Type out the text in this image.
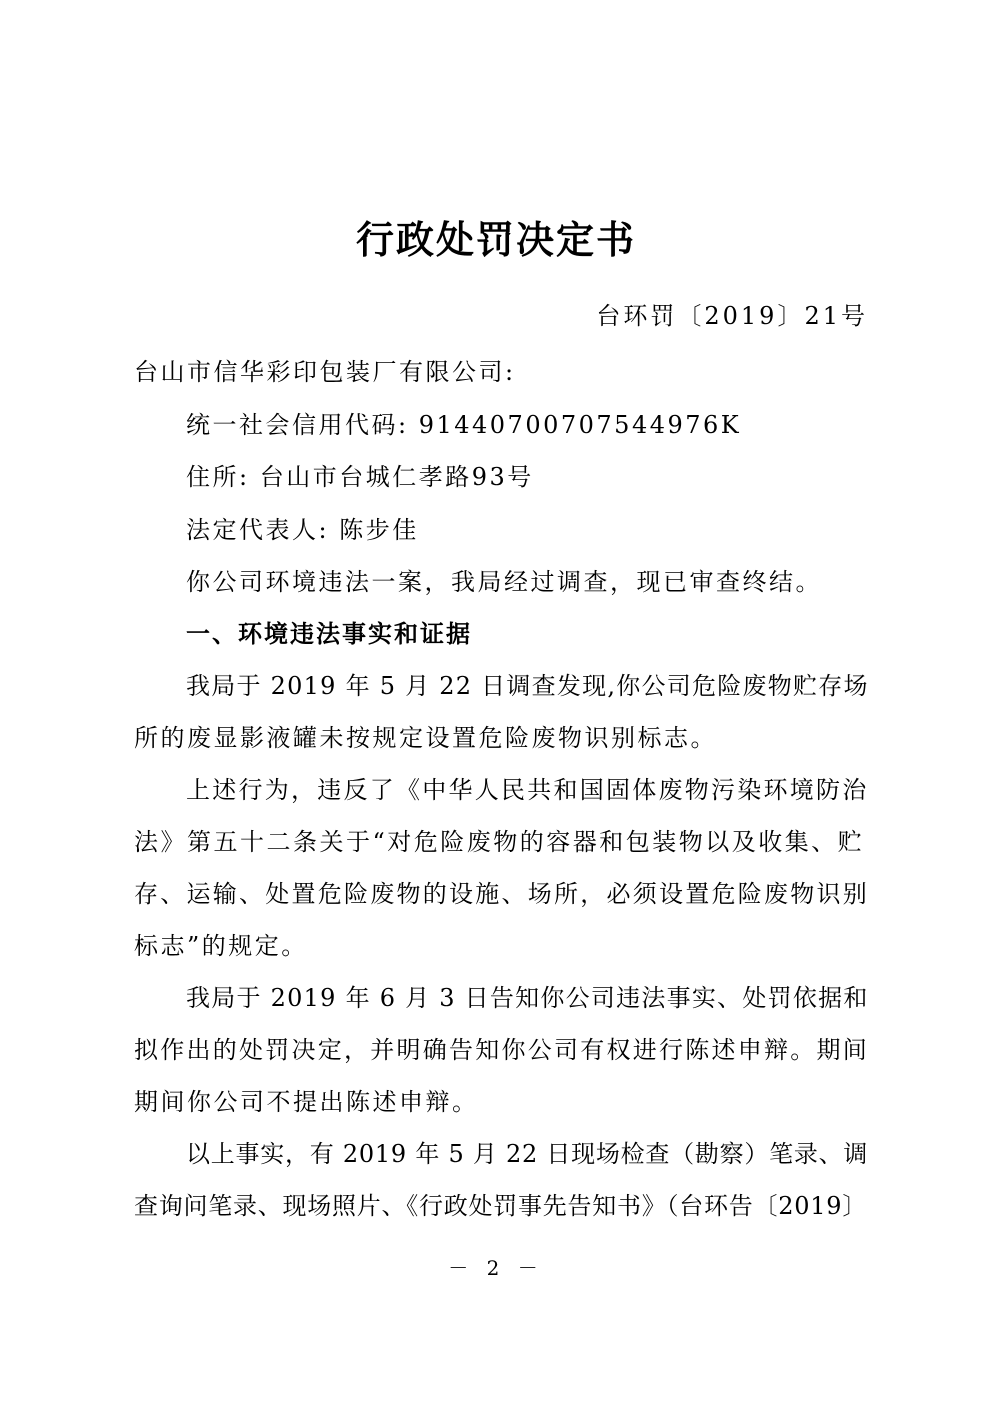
行政处罚决定书
台环罚〔2019〕21号
台山市信华彩印包装厂有限公司:
统一社会信用代码: 91440700707544976K
住所: 台山市台城仁孝路93号
法定代表人: 陈步佳
你公司环境违法一案，我局经过调查，现已审查终结。
一、环境违法事实和证据
我局于 2019 年 5 月 22 日调查发现,你公司危险废物贮存场
所的废显影液罐未按规定设置危险废物识别标志。
上述行为，违反了《中华人民共和国固体废物污染环境防治
法》第五十二条关于“对危险废物的容器和包装物以及收集、贮
存、运输、处置危险废物的设施、场所，必须设置危险废物识别
标志”的规定。
我局于 2019 年 6 月 3 日告知你公司违法事实、处罚依据和
拟作出的处罚决定，并明确告知你公司有权进行陈述申辩。期间
期间你公司不提出陈述申辩。
以上事实，有 2019 年 5 月 22 日现场检查（勘察）笔录、调
查询问笔录、现场照片、《行政处罚事先告知书》（台环告〔2019〕
－ 2 －
